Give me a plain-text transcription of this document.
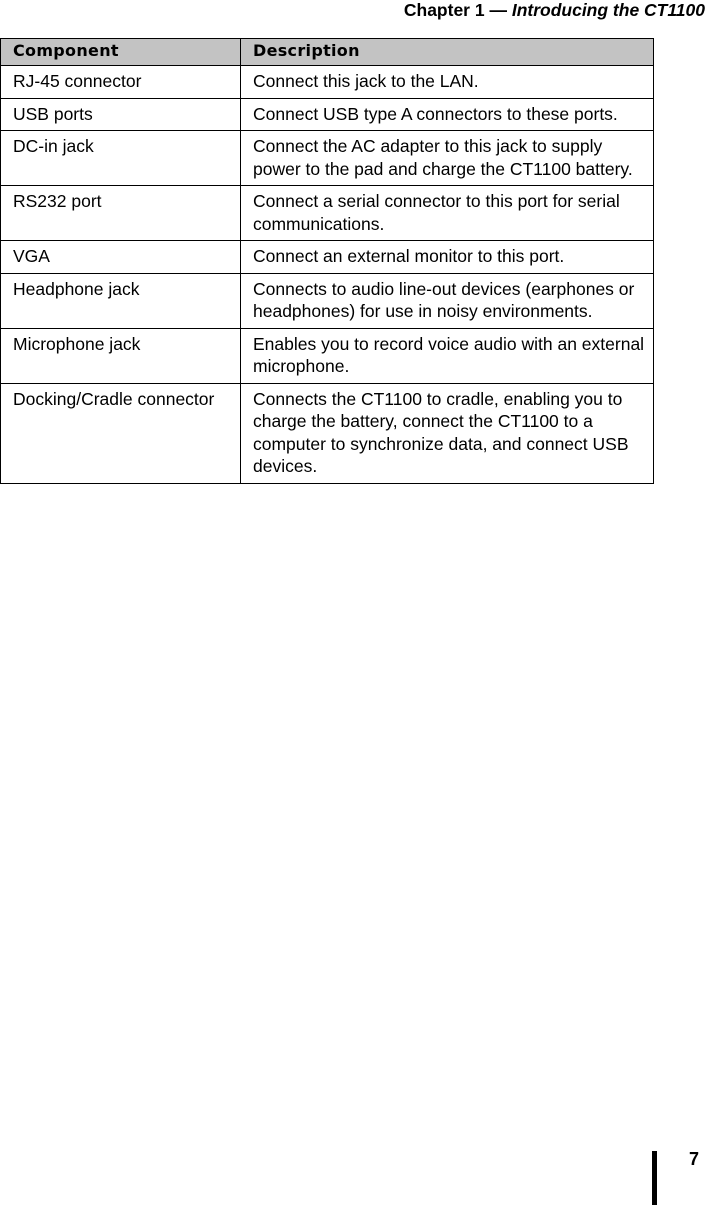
Chapter 1 — Introducing the CT1100
Component	Description
RJ-45 connector	Connect this jack to the LAN.
USB ports	Connect USB type A connectors to these ports.
DC-in jack	Connect the AC adapter to this jack to supply power to the pad and charge the CT1100 battery.
RS232 port	Connect a serial connector to this port for serial communications.
VGA	Connect an external monitor to this port.
Headphone jack	Connects to audio line-out devices (earphones or headphones) for use in noisy environments.
Microphone jack	Enables you to record voice audio with an external microphone.
Docking/Cradle connector	Connects the CT1100 to cradle, enabling you to charge the battery, connect the CT1100 to a computer to synchronize data, and connect USB devices.
7
